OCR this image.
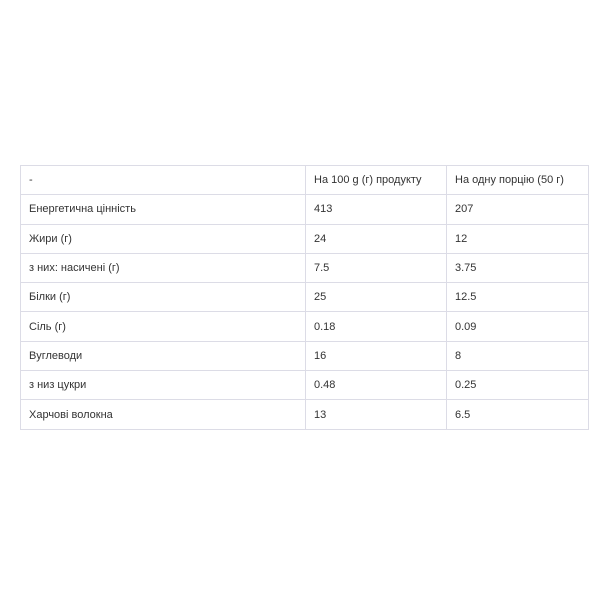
-	На 100 g (г) продукту	На одну порцію (50 г)
Енергетична цінність	413	207
Жири (г)	24	12
з них: насичені (г)	7.5	3.75
Білки (г)	25	12.5
Сіль (г)	0.18	0.09
Вуглеводи	16	8
з низ цукри	0.48	0.25
Харчові волокна	13	6.5
